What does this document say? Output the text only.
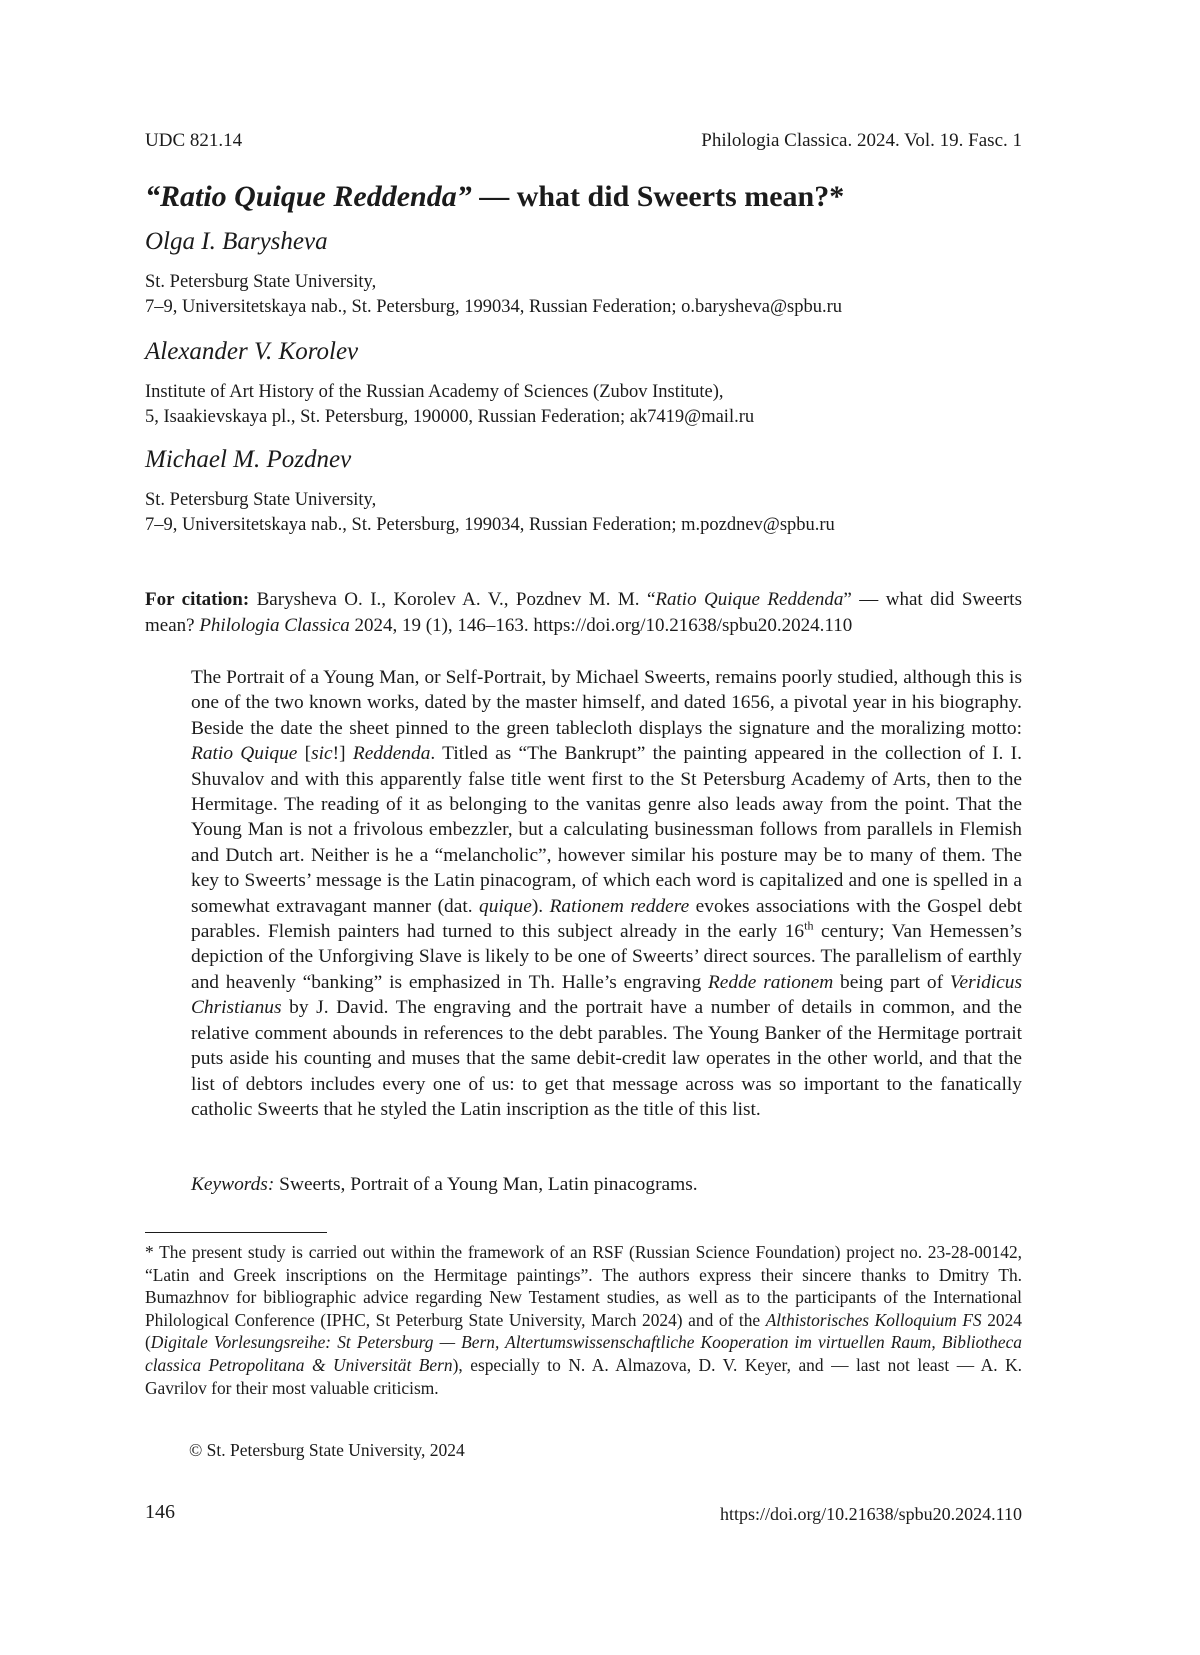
UDC 821.14	Philologia Classica. 2024. Vol. 19. Fasc. 1
“Ratio Quique Reddenda” — what did Sweerts mean?*
Olga I. Barysheva
St. Petersburg State University,
7–9, Universitetskaya nab., St. Petersburg, 199034, Russian Federation; o.barysheva@spbu.ru
Alexander V. Korolev
Institute of Art History of the Russian Academy of Sciences (Zubov Institute),
5, Isaakievskaya pl., St. Petersburg, 190000, Russian Federation; ak7419@mail.ru
Michael M. Pozdnev
St. Petersburg State University,
7–9, Universitetskaya nab., St. Petersburg, 199034, Russian Federation; m.pozdnev@spbu.ru
For citation: Barysheva O. I., Korolev A. V., Pozdnev M. M. “Ratio Quique Reddenda” — what did Sweerts mean? Philologia Classica 2024, 19 (1), 146–163. https://doi.org/10.21638/spbu20.2024.110
The Portrait of a Young Man, or Self-Portrait, by Michael Sweerts, remains poorly studied, although this is one of the two known works, dated by the master himself, and dated 1656, a pivotal year in his biography. Beside the date the sheet pinned to the green tablecloth displays the signature and the moralizing motto: Ratio Quique [sic!] Reddenda. Titled as “The Bankrupt” the painting appeared in the collection of I. I. Shuvalov and with this apparently false title went first to the St Petersburg Academy of Arts, then to the Hermitage. The reading of it as belonging to the vanitas genre also leads away from the point. That the Young Man is not a frivolous embezzler, but a calculating businessman follows from parallels in Flemish and Dutch art. Neither is he a “melancholic”, however similar his posture may be to many of them. The key to Sweerts’ message is the Latin pinacogram, of which each word is capitalized and one is spelled in a somewhat extravagant manner (dat. quique). Rationem reddere evokes associations with the Gospel debt parables. Flemish painters had turned to this subject already in the early 16th century; Van Hemessen’s depiction of the Unforgiving Slave is likely to be one of Sweerts’ direct sources. The parallelism of earthly and heavenly “banking” is emphasized in Th. Halle’s engraving Redde rationem being part of Veridicus Christianus by J. David. The engraving and the portrait have a number of details in common, and the relative comment abounds in references to the debt parables. The Young Banker of the Hermitage portrait puts aside his counting and muses that the same debit-credit law operates in the other world, and that the list of debtors includes every one of us: to get that message across was so important to the fanatically catholic Sweerts that he styled the Latin inscription as the title of this list.
Keywords: Sweerts, Portrait of a Young Man, Latin pinacograms.
* The present study is carried out within the framework of an RSF (Russian Science Foundation) project no. 23-28-00142, “Latin and Greek inscriptions on the Hermitage paintings”. The authors express their sincere thanks to Dmitry Th. Bumazhnov for bibliographic advice regarding New Testament studies, as well as to the participants of the International Philological Conference (IPHC, St Peterburg State University, March 2024) and of the Althistorisches Kolloquium FS 2024 (Digitale Vorlesungsreihe: St Petersburg — Bern, Altertumswissenschaftliche Kooperation im virtuellen Raum, Bibliotheca classica Petropolitana & Universität Bern), especially to N. A. Almazova, D. V. Keyer, and — last not least — A. K. Gavrilov for their most valuable criticism.
© St. Petersburg State University, 2024
146	https://doi.org/10.21638/spbu20.2024.110
